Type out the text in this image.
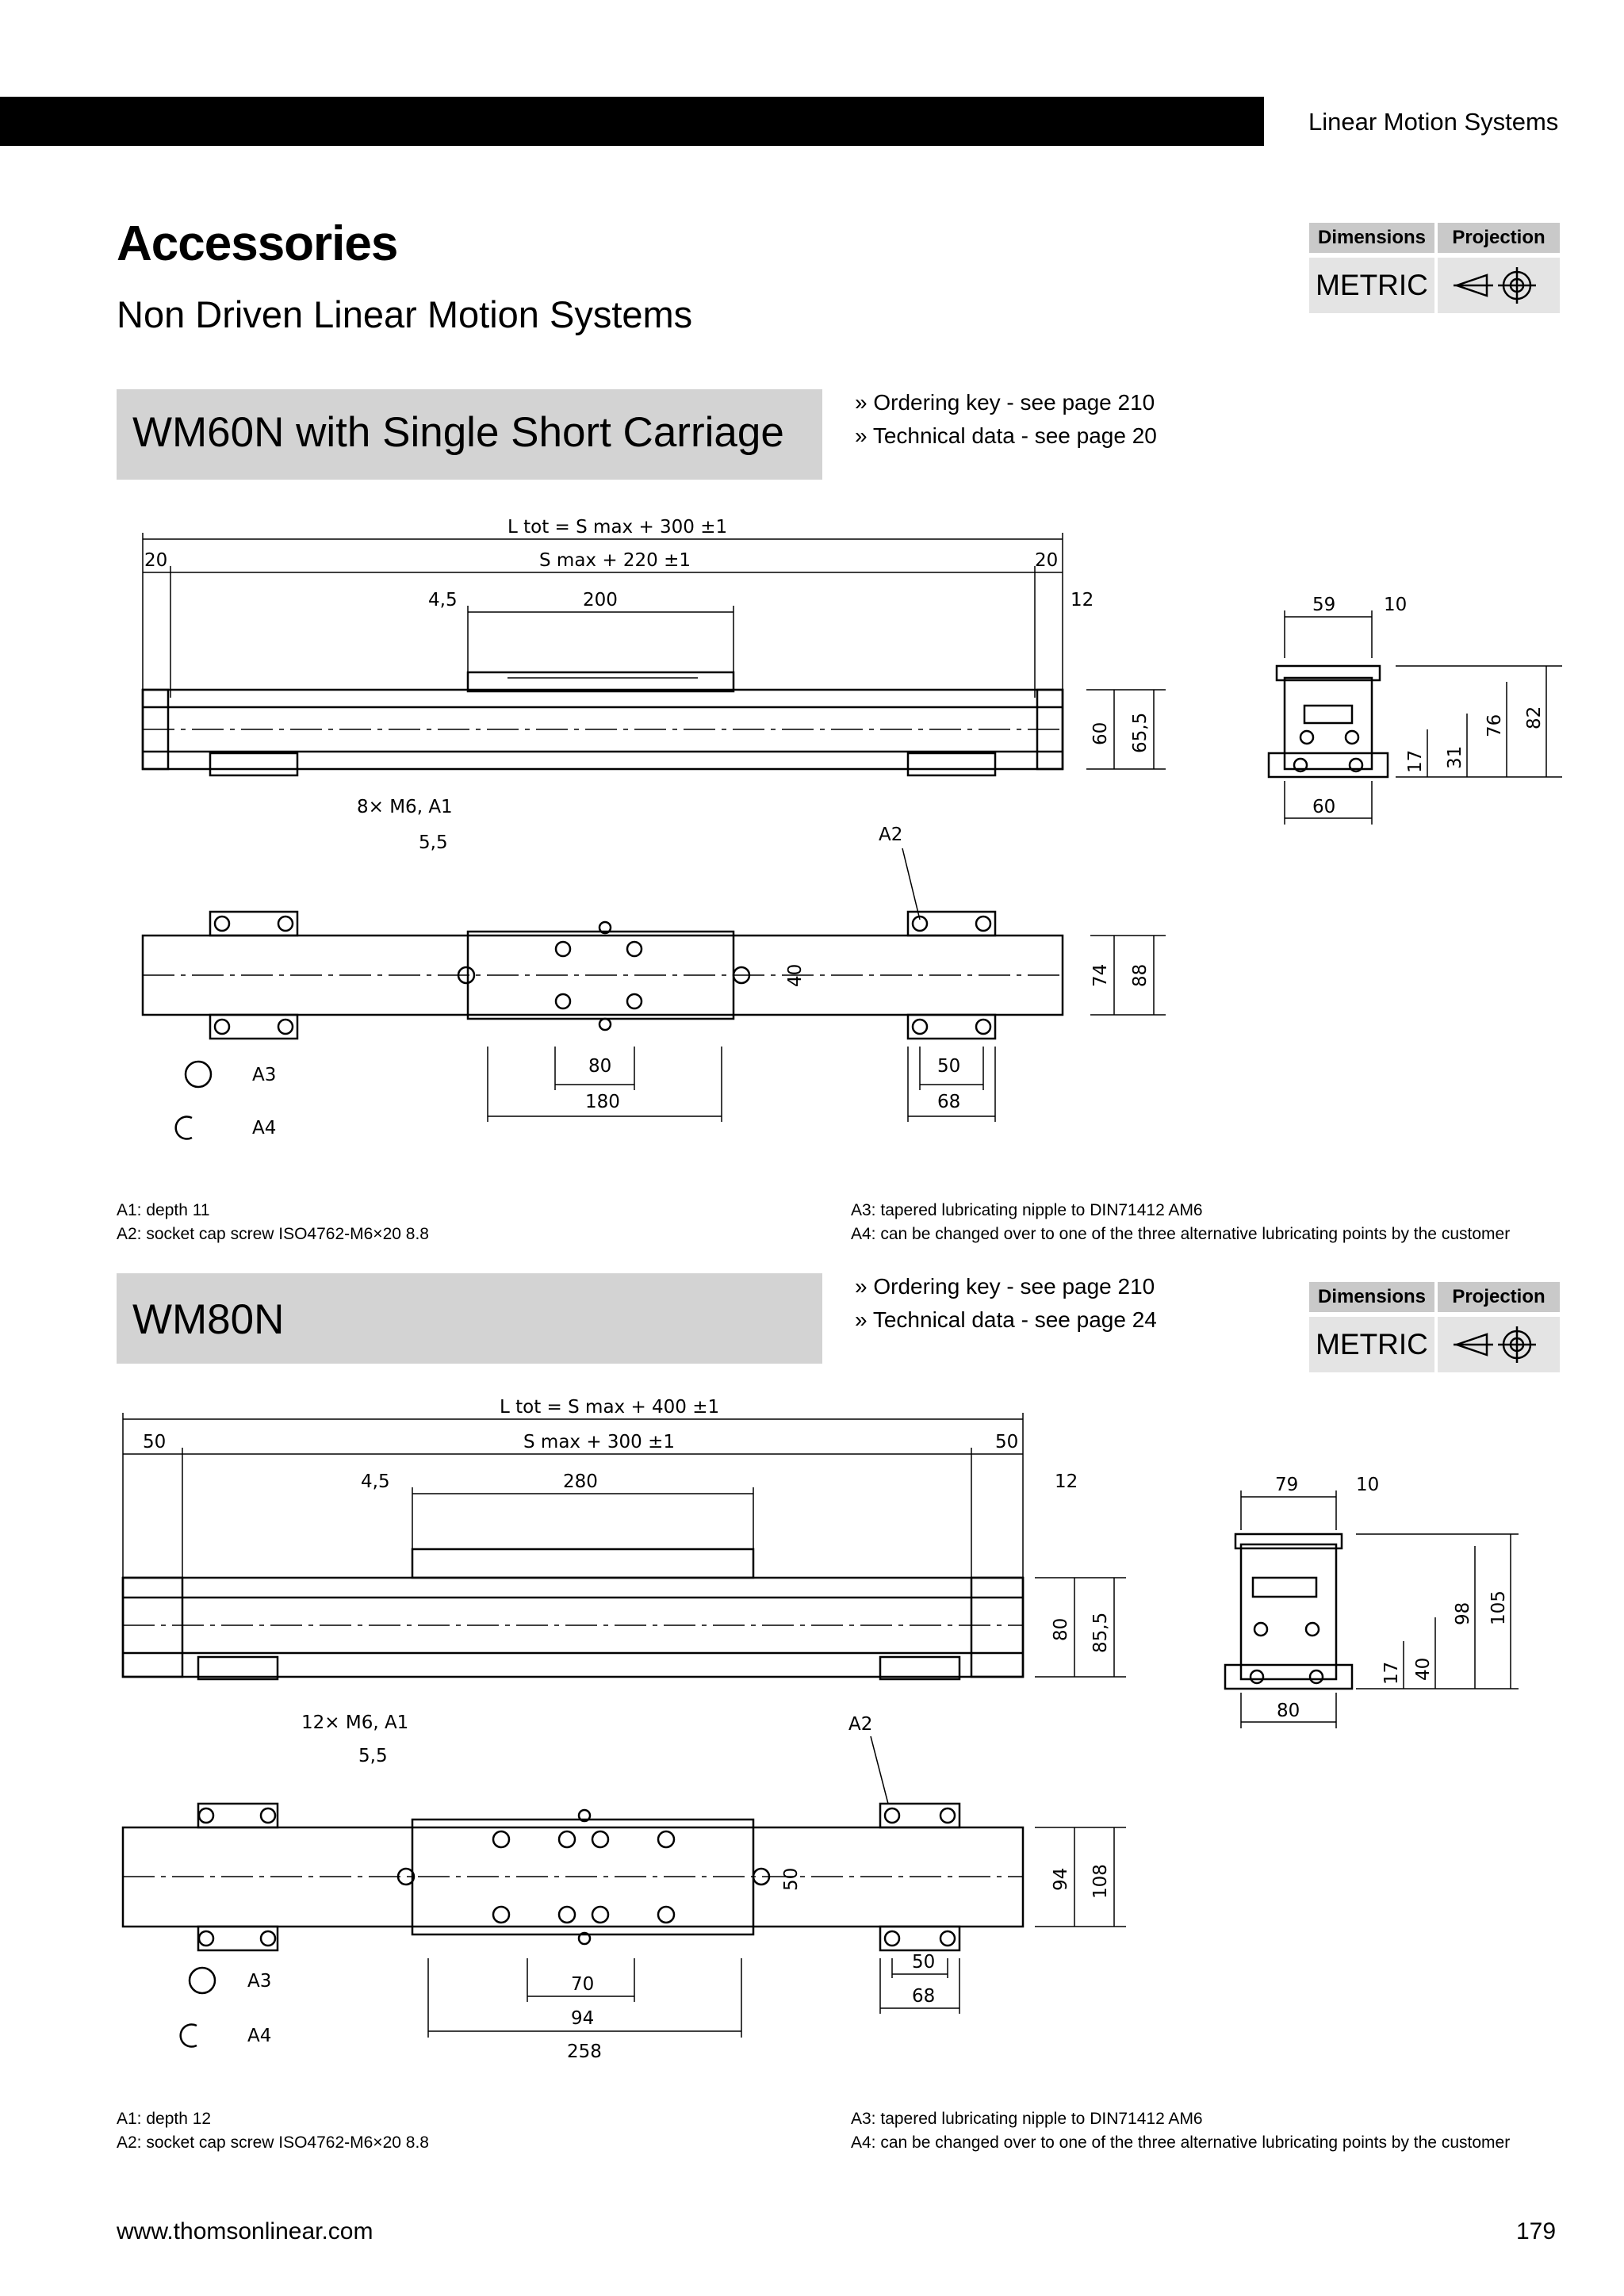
Linear Motion Systems
Accessories
Non Driven Linear Motion Systems
Dimensions	Projection
METRIC
WM60N with Single Short Carriage
» Ordering key - see page 210
» Technical data - see page 20
L tot = S max + 300 ±1
S max + 220 ±1
20	20
4,5	200	12
60 65,5
8× M6, A1
5,5	A2
40	74 88
80
180
50
68
A3
A4
59	10
60
17 31
76 82
A1: depth 11
A2: socket cap screw ISO4762-M6×20 8.8
A3: tapered lubricating nipple to DIN71412 AM6
A4: can be changed over to one of the three alternative lubricating points by the customer
WM80N
» Ordering key - see page 210
» Technical data - see page 24
Dimensions	Projection
METRIC
L tot = S max + 400 ±1
S max + 300 ±1
50	50
4,5	280	12
80 85,5
12× M6, A1
5,5
A2
50	94 108
70
94
258
50
68
A3
A4
79	10
80
17 40
98 105
A1: depth 12
A2: socket cap screw ISO4762-M6×20 8.8
A3: tapered lubricating nipple to DIN71412 AM6
A4: can be changed over to one of the three alternative lubricating points by the customer
www.thomsonlinear.com	179
